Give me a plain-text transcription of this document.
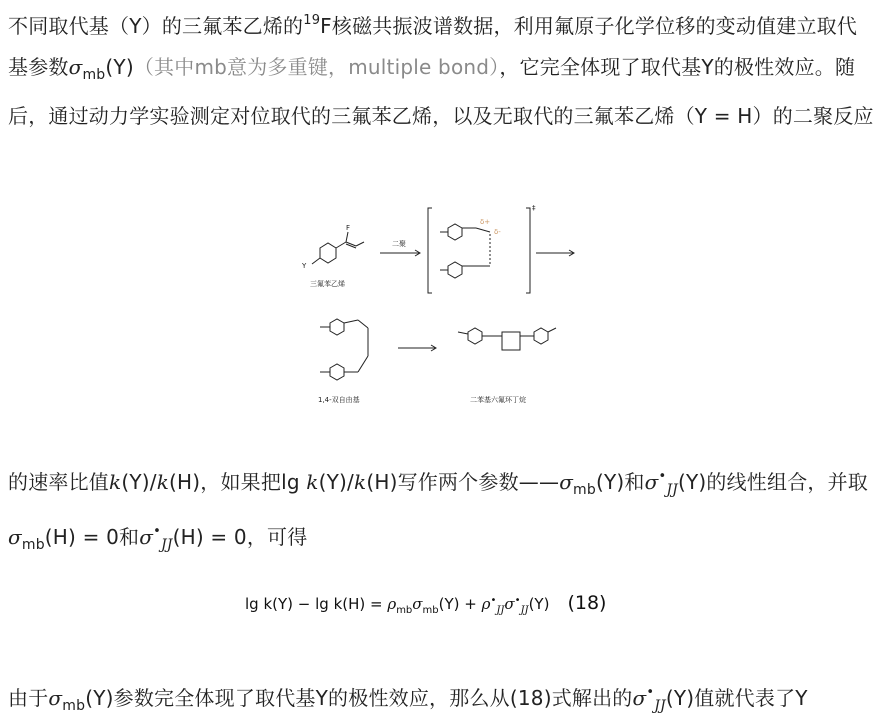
不同取代基（Y）的三氟苯乙烯的$^{19}$F核磁共振波谱数据，利用氟原子化学位移的变动值建立取代基参数$\sigma_{mb}(Y)$（其中mb意为多重键，multiple bond），它完全体现了取代基Y的极性效应。随后，通过动力学实验测定对位取代的三氟苯乙烯，以及无取代的三氟苯乙烯（Y = H）的二聚反应

二聚
三氟苯乙烯
1,4-双自由基	二苯基六氟环丁烷
Y
F
δ+
δ-
‡

的速率比值k(Y)/k(H)，如果把lg k(Y)/k(H)写作两个参数$——\sigma_{mb}(Y)$和$\sigma^•_{JJ}(Y)$的线性组合，并取$\sigma_{mb}(H) = 0$和$\sigma^•_{JJ}(H) = 0$，可得

$\lg k(Y) - \lg k(H) = \rho_{mb}\sigma_{mb}(Y) + \rho^•_{JJ}\sigma^•_{JJ}(Y)$ (18)

由于$\sigma_{mb}(Y)$参数完全体现了取代基Y的极性效应，那么从(18)式解出的$\sigma^•_{JJ}(Y)$值就代表了Y
